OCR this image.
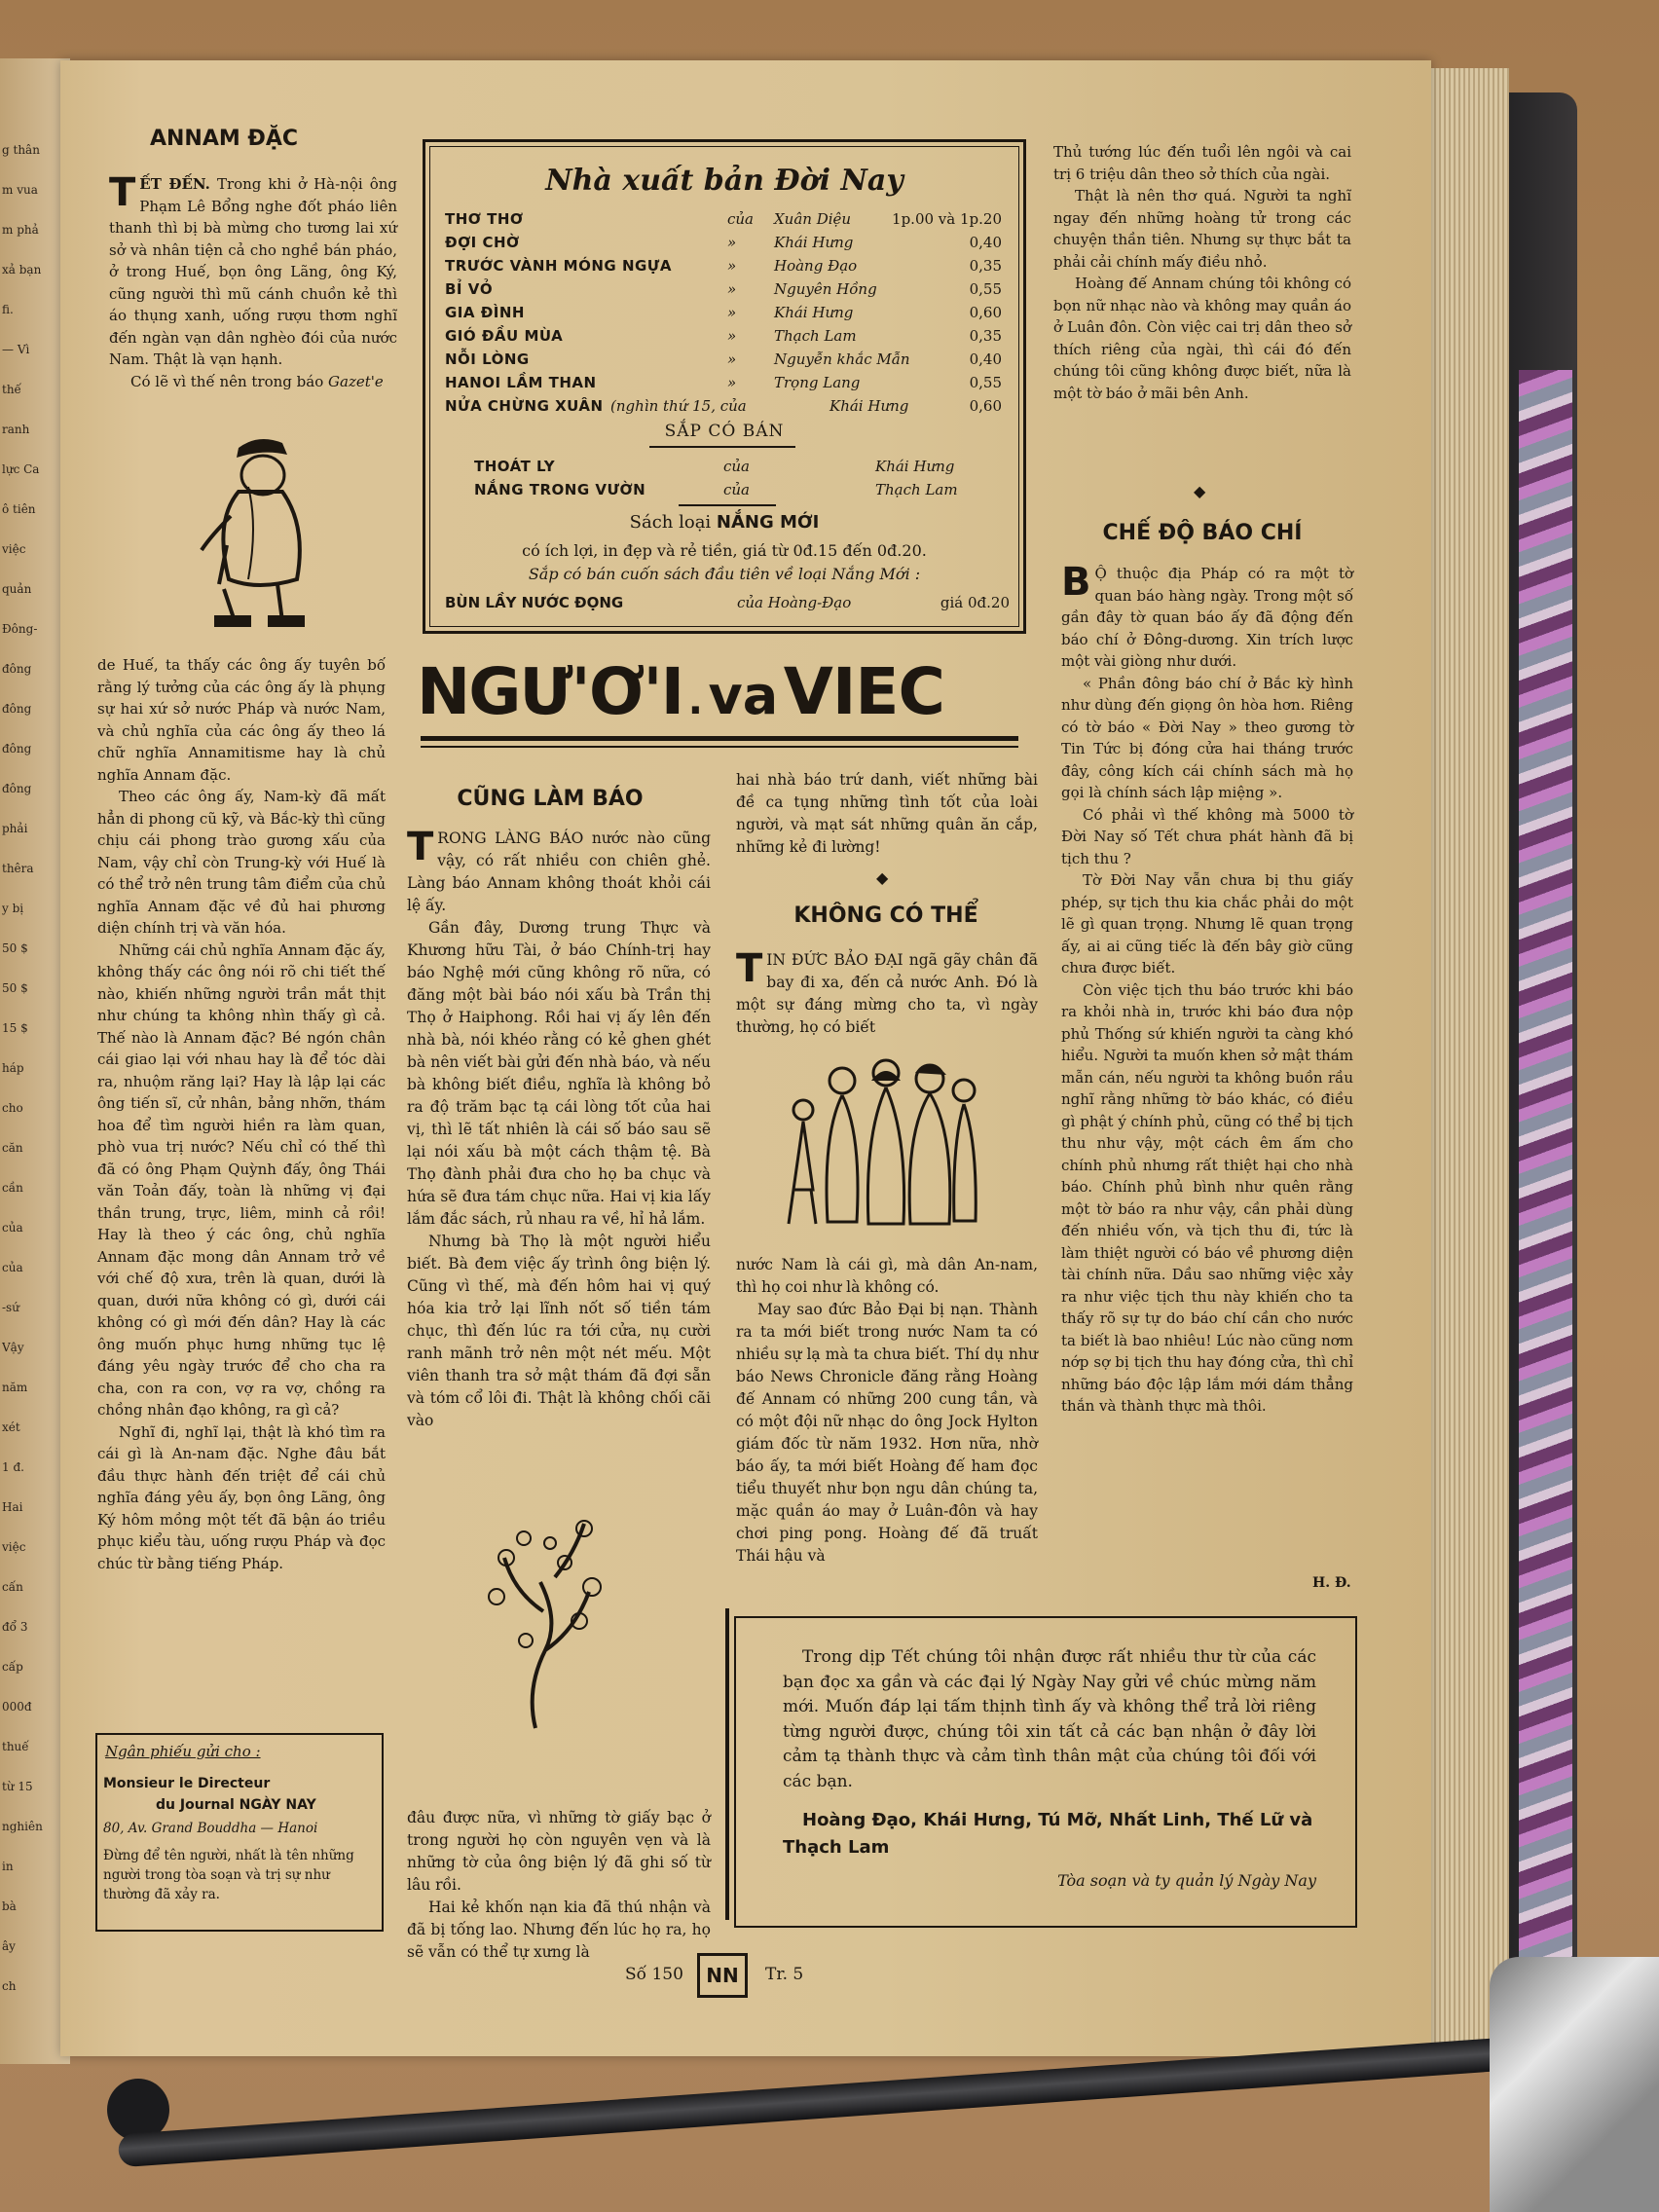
g thân
m vua
m phả
xả bạn
fi.
— Vì
thế
ranh
lực Ca
ô tiên
việc
quản
Đông-
đông
đông
đông
đông
phải
thêra
y bị
50 $
50 $
15 $
háp
cho
căn
cần
của
của
-sứ
Vậy
năm
xét
1 đ.
Hai
việc
cấn
đổ 3
cấp
000đ
thuế
từ 15
nghiên
in
bà
ây
ch
ANNAM ĐẶC
T ẾT ĐẾN. Trong khi ở Hà-nội ông Phạm Lê Bổng nghe đốt pháo liên thanh thì bị bà mừng cho tương lai xứ sở và nhân tiện cả cho nghề bán pháo, ở trong Huế, bọn ông Lãng, ông Ký, cũng người thì mũ cánh chuồn kẻ thì áo thụng xanh, uống rượu thơm nghĩ đến ngàn vạn dân nghèo đói của nước Nam. Thật là vạn hạnh.

Có lẽ vì thế nên trong báo Gazet'e

de Huế, ta thấy các ông ấy tuyên bố rằng lý tưởng của các ông ấy là phụng sự hai xứ sở nước Pháp và nước Nam, và chủ nghĩa của các ông ấy theo lá chữ nghĩa Annamitisme hay là chủ nghĩa Annam đặc.

Theo các ông ấy, Nam-kỳ đã mất hẳn di phong cũ kỹ, và Bắc-kỳ thì cũng chịu cái phong trào gương xấu của Nam, vậy chỉ còn Trung-kỳ với Huế là có thể trở nên trung tâm điểm của chủ nghĩa Annam đặc về đủ hai phương diện chính trị và văn hóa.

Những cái chủ nghĩa Annam đặc ấy, không thấy các ông nói rõ chi tiết thế nào, khiến những người trần mắt thịt như chúng ta không nhìn thấy gì cả. Thế nào là Annam đặc? Bé ngón chân cái giao lại với nhau hay là để tóc dài ra, nhuộm răng lại? Hay là lập lại các ông tiến sĩ, cử nhân, bảng nhỡn, thám hoa để tìm người hiền ra làm quan, phò vua trị nước? Nếu chỉ có thế thì đã có ông Phạm Quỳnh đấy, ông Thái văn Toản đấy, toàn là những vị đại thần trung, trực, liêm, minh cả rồi! Hay là theo ý các ông, chủ nghĩa Annam đặc mong dân Annam trở về với chế độ xưa, trên là quan, dưới là quan, dưới nữa không có gì, dưới cái không có gì mới đến dân? Hay là các ông muốn phục hưng những tục lệ đáng yêu ngày trước để cho cha ra cha, con ra con, vợ ra vợ, chồng ra chồng nhân đạo không, ra gì cả?

Nghĩ đi, nghĩ lại, thật là khó tìm ra cái gì là An-nam đặc. Nghe đâu bắt đầu thực hành đến triệt để cái chủ nghĩa đáng yêu ấy, bọn ông Lãng, ông Ký hôm mồng một tết đã bận áo triều phục kiểu tàu, uống rượu Pháp và đọc chúc từ bằng tiếng Pháp.

Ngân phiếu gửi cho :
Monsieur le Directeur
du Journal NGÀY NAY
80, Av. Grand Bouddha — Hanoi
Đừng để tên người, nhất là tên những người trong tòa soạn và trị sự như thường đã xảy ra.
Nhà xuất bản Đời Nay
THƠ THƠ	của Xuân Diệu	1p.00 và 1p.20
ĐỢI CHỜ	»	Khái Hưng	0,40
TRƯỚC VÀNH MÓNG NGỰA	»	Hoàng Đạo	0,35
BỈ VỎ	»	Nguyên Hồng	0,55
GIA ĐÌNH	»	Khái Hưng	0,60
GIÓ ĐẦU MÙA	»	Thạch Lam	0,35
NỖI LÒNG	»	Nguyễn khắc Mẫn	0,40
HANOI LẦM THAN	»	Trọng Lang	0,55
NỬA CHỪNG XUÂN (nghìn thứ 15, của	Khái Hưng	0,60
SẮP CÓ BÁN
THOÁT LY	của	Khái Hưng
NẮNG TRONG VƯỜN	của	Thạch Lam
Sách loại NẮNG MỚI
có ích lợi, in đẹp và rẻ tiền, giá từ 0đ.15 đến 0đ.20.
Sắp có bán cuốn sách đầu tiên về loại Nắng Mới :
BÙN LẦY NƯỚC ĐỌNG	của Hoàng-Đạo	giá 0đ.20
NGƯ'Ơ'I . va VIEC
CŨNG LÀM BÁO
T RONG LÀNG BÁO nước nào cũng vậy, có rất nhiều con chiên ghẻ. Làng báo Annam không thoát khỏi cái lệ ấy.

Gần đây, Dương trung Thực và Khương hữu Tài, ở báo Chính-trị hay báo Nghệ mới cũng không rõ nữa, có đăng một bài báo nói xấu bà Trần thị Thọ ở Haiphong. Rồi hai vị ấy lên đến nhà bà, nói khéo rằng có kẻ ghen ghét bà nên viết bài gửi đến nhà báo, và nếu bà không biết điều, nghĩa là không bỏ ra độ trăm bạc tạ cái lòng tốt của hai vị, thì lẽ tất nhiên là cái số báo sau sẽ lại nói xấu bà một cách thậm tệ. Bà Thọ đành phải đưa cho họ ba chục và hứa sẽ đưa tám chục nữa. Hai vị kia lấy lắm đắc sách, rủ nhau ra về, hỉ hả lắm.

Nhưng bà Thọ là một người hiểu biết. Bà đem việc ấy trình ông biện lý. Cũng vì thế, mà đến hôm hai vị quý hóa kia trở lại lĩnh nốt số tiền tám chục, thì đến lúc ra tới cửa, nụ cười ranh mãnh trở nên một nét mếu. Một viên thanh tra sở mật thám đã đợi sẵn và tóm cổ lôi đi. Thật là không chối cãi vào

đâu được nữa, vì những tờ giấy bạc ở trong người họ còn nguyên vẹn và là những tờ của ông biện lý đã ghi số từ lâu rồi.

Hai kẻ khốn nạn kia đã thú nhận và đã bị tống lao. Nhưng đến lúc họ ra, họ sẽ vẫn có thể tự xưng là

hai nhà báo trứ danh, viết những bài đề ca tụng những tình tốt của loài người, và mạt sát những quân ăn cắp, những kẻ đi lường!
◆
KHÔNG CÓ THỂ
T IN ĐỨC BẢO ĐẠI ngã gãy chân đã bay đi xa, đến cả nước Anh. Đó là một sự đáng mừng cho ta, vì ngày thường, họ có biết
nước Nam là cái gì, mà dân An-nam, thì họ coi như là không có.

May sao đức Bảo Đại bị nạn. Thành ra ta mới biết trong nước Nam ta có nhiều sự lạ mà ta chưa biết. Thí dụ như báo News Chronicle đăng rằng Hoàng đế Annam có những 200 cung tần, và có một đội nữ nhạc do ông Jock Hylton giám đốc từ năm 1932. Hơn nữa, nhờ báo ấy, ta mới biết Hoàng đế ham đọc tiểu thuyết như bọn ngu dân chúng ta, mặc quần áo may ở Luân-đôn và hay chơi ping pong. Hoàng đế đã truất Thái hậu và

Thủ tướng lúc đến tuổi lên ngôi và cai trị 6 triệu dân theo sở thích của ngài.

Thật là nên thơ quá. Người ta nghĩ ngay đến những hoàng tử trong các chuyện thần tiên. Nhưng sự thực bắt ta phải cải chính mấy điều nhỏ.

Hoàng đế Annam chúng tôi không có bọn nữ nhạc nào và không may quần áo ở Luân đôn. Còn việc cai trị dân theo sở thích riêng của ngài, thì cái đó đến chúng tôi cũng không được biết, nữa là một tờ báo ở mãi bên Anh.

◆
CHẾ ĐỘ BÁO CHÍ
B Ộ thuộc địa Pháp có ra một tờ quan báo hàng ngày. Trong một số gần đây tờ quan báo ấy đã động đến báo chí ở Đông-dương. Xin trích lược một vài giòng như dưới.

« Phần đông báo chí ở Bắc kỳ hình như dùng đến giọng ôn hòa hơn. Riêng có tờ báo « Đời Nay » theo gương tờ Tin Tức bị đóng cửa hai tháng trước đây, công kích cái chính sách mà họ gọi là chính sách lập miệng ».

Có phải vì thế không mà 5000 tờ Đời Nay số Tết chưa phát hành đã bị tịch thu ?

Tờ Đời Nay vẫn chưa bị thu giấy phép, sự tịch thu kia chắc phải do một lẽ gì quan trọng. Nhưng lẽ quan trọng ấy, ai ai cũng tiếc là đến bây giờ cũng chưa được biết.

Còn việc tịch thu báo trước khi báo ra khỏi nhà in, trước khi báo đưa nộp phủ Thống sứ khiến người ta càng khó hiểu. Người ta muốn khen sở mật thám mẫn cán, nếu người ta không buồn rầu nghĩ rằng những tờ báo khác, có điều gì phật ý chính phủ, cũng có thể bị tịch thu như vậy, một cách êm ấm cho chính phủ nhưng rất thiệt hại cho nhà báo. Chính phủ bình như quên rằng một tờ báo ra như vậy, cần phải dùng đến nhiều vốn, và tịch thu đi, tức là làm thiệt người có báo về phương diện tài chính nữa. Dầu sao những việc xảy ra như việc tịch thu này khiến cho ta thấy rõ sự tự do báo chí cần cho nước ta biết là bao nhiêu! Lúc nào cũng nơm nớp sợ bị tịch thu hay đóng cửa, thì chỉ những báo độc lập lắm mới dám thẳng thắn và thành thực mà thôi.

H. Đ.
Trong dịp Tết chúng tôi nhận được rất nhiều thư từ của các bạn đọc xa gần và các đại lý Ngày Nay gửi về chúc mừng năm mới. Muốn đáp lại tấm thịnh tình ấy và không thể trả lời riêng từng người được, chúng tôi xin tất cả các bạn nhận ở đây lời cảm tạ thành thực và cảm tình thân mật của chúng tôi đối với các bạn.
Hoàng Đạo, Khái Hưng, Tú Mỡ, Nhất Linh, Thế Lữ và Thạch Lam
Tòa soạn và ty quản lý Ngày Nay
Số 150	NN	Tr. 5
